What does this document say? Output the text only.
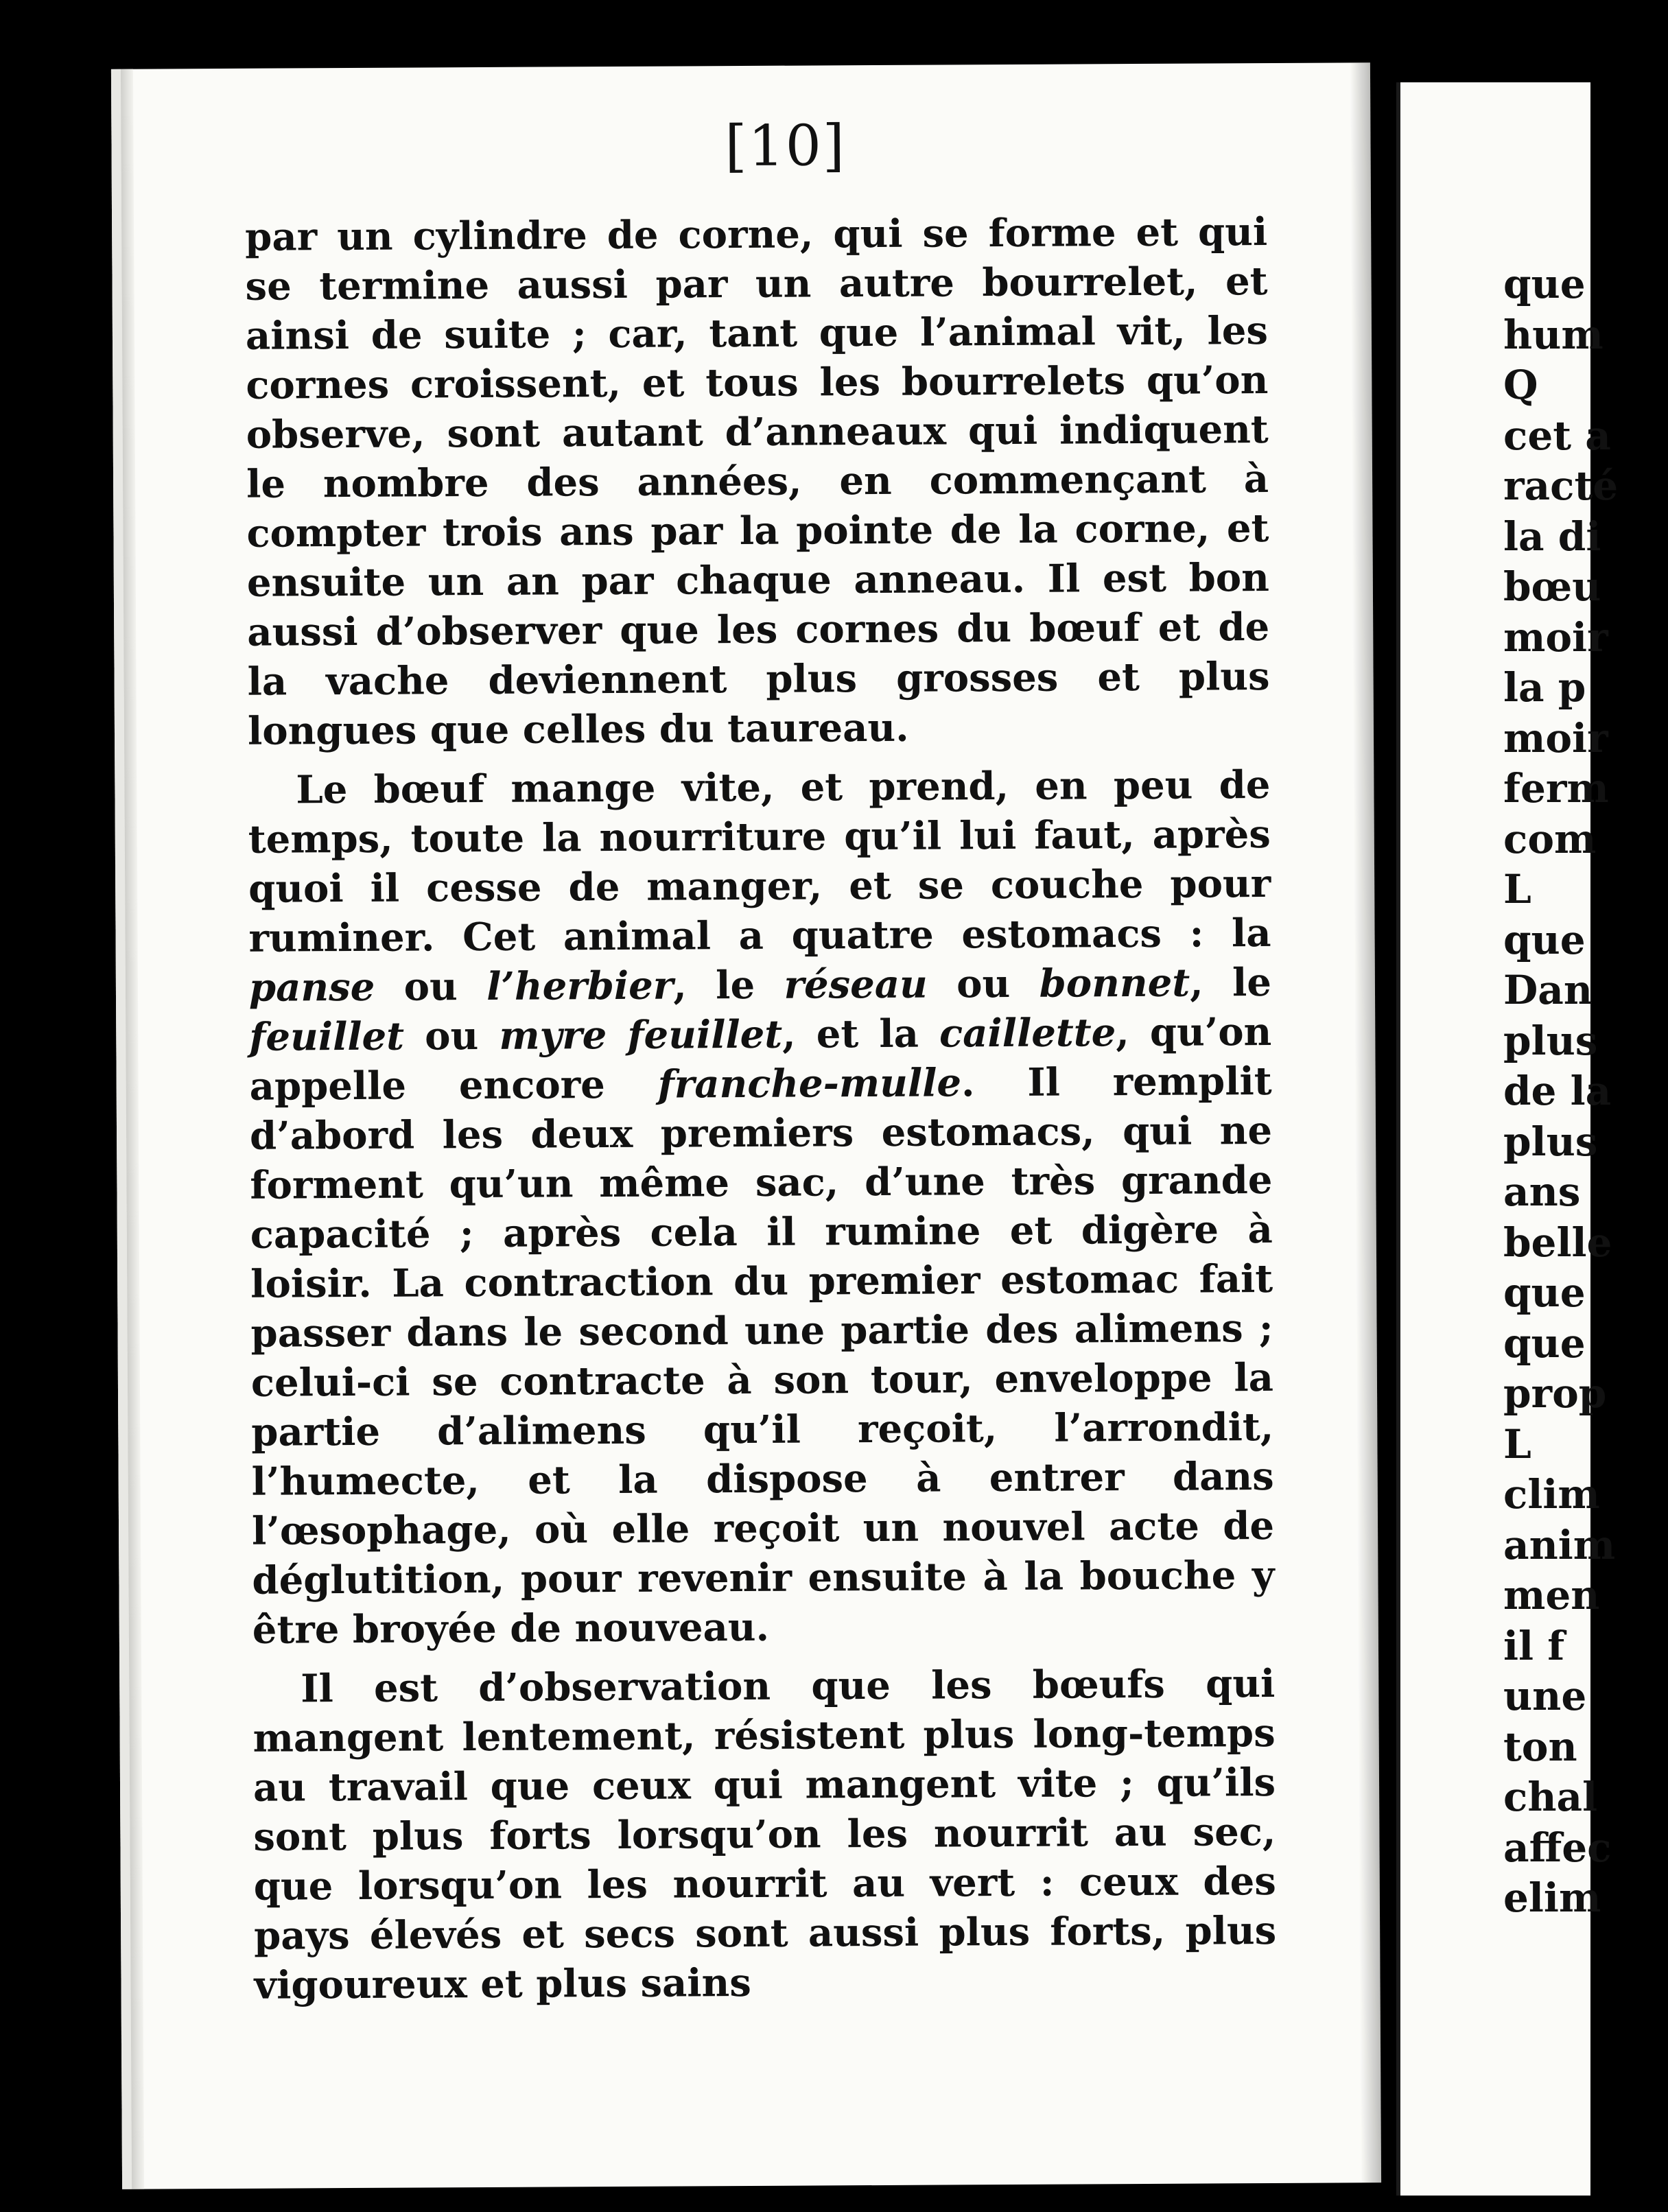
[10]

par un cylindre de corne, qui se forme et qui se termine aussi par un autre bourrelet, et ainsi de suite ; car, tant que l’animal vit, les cornes croissent, et tous les bourrelets qu’on observe, sont autant d’anneaux qui indiquent le nombre des années, en commençant à compter trois ans par la pointe de la corne, et ensuite un an par chaque anneau. Il est bon aussi d’observer que les cornes du bœuf et de la vache deviennent plus grosses et plus longues que celles du taureau.

Le bœuf mange vite, et prend, en peu de temps, toute la nourriture qu’il lui faut, après quoi il cesse de manger, et se couche pour ruminer. Cet animal a quatre estomacs : la panse ou l’herbier, le réseau ou bonnet, le feuillet ou myre feuillet, et la caillette, qu’on appelle encore franche-mulle. Il remplit d’abord les deux premiers estomacs, qui ne forment qu’un même sac, d’une très grande capacité ; après cela il rumine et digère à loisir. La contraction du premier estomac fait passer dans le second une partie des alimens ; celui-ci se contracte à son tour, enveloppe la partie d’alimens qu’il reçoit, l’arrondit, l’humecte, et la dispose à entrer dans l’œsophage, où elle reçoit un nouvel acte de déglutition, pour revenir ensuite à la bouche y être broyée de nouveau.

Il est d’observation que les bœufs qui mangent lentement, résistent plus long-temps au travail que ceux qui mangent vite ; qu’ils sont plus forts lorsqu’on les nourrit au sec, que lorsqu’on les nourrit au vert : ceux des pays élevés et secs sont aussi plus forts, plus vigoureux et plus sains

que
hum
Q
cet a
racté
la di
bœu
moir
la p
moir
ferm
com
L
que
Dan
plus
de la
plus
ans
belle
que
que
prop
L
clim
anim
men
il f
une
ton
chal
affec
elim
